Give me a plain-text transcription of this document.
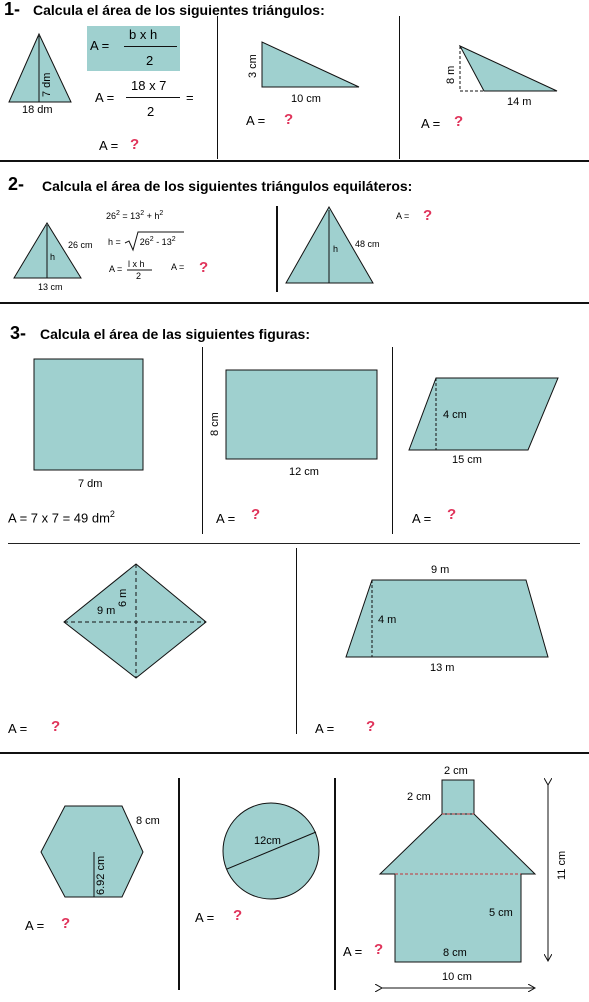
1- Calcula el área de los siguientes triángulos:
7 dm
18 dm
A =
b x h
2
A =
18 x 7
2
=
A = ?
3 cm
10 cm
A = ?
8 m
14 m
A = ?
2- Calcula el área de los siguientes triángulos equiláteros:
26 cm
13 cm
h
$26^2 = 13^2 + h^2$
$h = 26^2 - 13^2$
A = l x h
2
A = ?
48 cm
h
A = ?
3- Calcula el área de las siguientes figuras:
7 dm
A = 7 x 7 = 49 $dm^2$
8 cm
12 cm
A = ?
4 cm
15 cm
A = ?
9 m
6 m
A = ?
9 m
4 m
13 m
A = ?
8 cm
6.92 cm
A = ?
12cm
A = ?
2 cm
2 cm
11 cm
5 cm
8 cm
10 cm
A = ?
